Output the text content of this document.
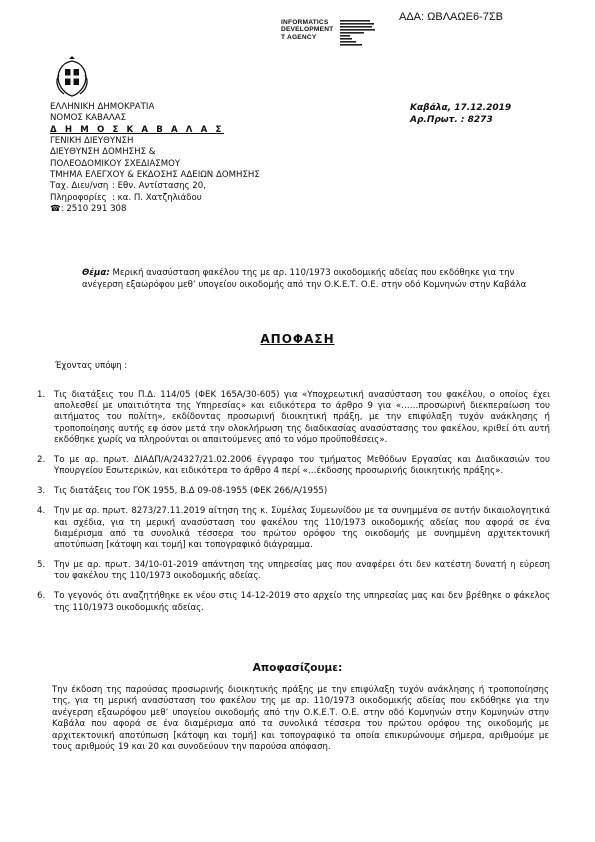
ΑΔΑ: ΩΒΛΑΩΕ6-7ΣΒ
INFORMATICS
DEVELOPMENT
T AGENCY
ΕΛΛΗΝΙΚΗ ΔΗΜΟΚΡΑΤΙΑ
ΝΟΜΟΣ ΚΑΒΑΛΑΣ
Δ Η Μ Ο Σ Κ Α Β Α Λ Α Σ
ΓΕΝΙΚΗ ΔΙΕΥΘΥΝΣΗ
ΔΙΕΥΘΥΝΣΗ ΔΟΜΗΣΗΣ &
ΠΟΛΕΟΔΟΜΙΚΟΥ ΣΧΕΔΙΑΣΜΟΥ
ΤΜΗΜΑ ΕΛΕΓΧΟΥ & ΕΚΔΟΣΗΣ ΑΔΕΙΩΝ ΔΟΜΗΣΗΣ
Ταχ. Διευ/νση : Εθν. Αντίστασης 20,
Πληροφορίες : κα. Π. Χατζηλιάδου
☎: 2510 291 308
Καβάλα, 17.12.2019
Αρ.Πρωτ. : 8273
Θέμα: Μερική ανασύσταση φακέλου της με αρ. 110/1973 οικοδομικής αδείας που εκδόθηκε για την ανέγερση εξαωρόφου μεθ’ υπογείου οικοδομής από την Ο.Κ.Ε.Τ. Ο.Ε. στην οδό Κομνηνών στην Καβάλα
ΑΠΟΦΑΣΗ
Έχοντας υπόψη :
1.	Τις διατάξεις του Π.Δ. 114/05 (ΦΕΚ 165Α/30-605) για «Υποχρεωτική ανασύσταση του φακέλου, ο οποίος έχει απολεσθεί με υπαιτιότητα της Υπηρεσίας» και ειδικότερα το άρθρο 9 για «……προσωρινή διεκπεραίωση του αιτήματος του πολίτη», εκδίδοντας προσωρινή διοικητική πράξη, με την επιφύλαξη τυχόν ανάκλησης ή τροποποίησης αυτής εφ όσον μετά την ολοκλήρωση της διαδικασίας ανασύστασης του φακέλου, κριθεί ότι αυτή εκδόθηκε χωρίς να πληρούνται οι απαιτούμενες από το νόμο προϋποθέσεις».
2.	Το με αρ. πρωτ. ΔΙΑΔΠ/Α/24327/21.02.2006 έγγραφο του τμήματος Μεθόδων Εργασίας και Διαδικασιών του Υπουργείου Εσωτερικών, και ειδικότερα το άρθρο 4 περί «…έκδοσης προσωρινής διοικητικής πράξης».
3.	Τις διατάξεις του ΓΟΚ 1955, Β.Δ 09-08-1955 (ΦΕΚ 266/Α/1955)
4.	Την με αρ. πρωτ. 8273/27.11.2019 αίτηση της κ. Συμέλας Συμεωνίδου με τα συνημμένα σε αυτήν δικαιολογητικά και σχέδια, για τη μερική ανασύσταση του φακέλου της 110/1973 οικοδομικής αδείας που αφορά σε ένα διαμέρισμα από τα συνολικά τέσσερα του πρώτου ορόφου της οικοδομής με συνημμένη αρχιτεκτονική αποτύπωση [κάτοψη και τομή] και τοπογραφικό διάγραμμα.
5.	Την με αρ. πρωτ. 34/10-01-2019 απάντηση της υπηρεσίας μας που αναφέρει ότι δεν κατέστη δυνατή η εύρεση του φακέλου της 110/1973 οικοδομικής αδείας.
6.	Το γεγονός ότι αναζητήθηκε εκ νέου στις 14-12-2019 στο αρχείο της υπηρεσίας μας και δεν βρέθηκε ο φάκελος της 110/1973 οικοδομικής αδείας.
Αποφασίζουμε:
Την έκδοση της παρούσας προσωρινής διοικητικής πράξης με την επιφύλαξη τυχόν ανάκλησης ή τροποποίησης της, για τη μερική ανασύσταση του φακέλου της με αρ. 110/1973 οικοδομικής αδείας που εκδόθηκε για την ανέγερση εξαωρόφου μεθ’ υπογείου οικοδομής από την Ο.Κ.Ε.Τ. Ο.Ε. στην οδό Κομνηνών στην Κομνηνών στην Καβάλα που αφορά σε ένα διαμέρισμα από τα συνολικά τέσσερα του πρώτου ορόφου της οικοδομής με αρχιτεκτονική αποτύπωση [κάτοψη και τομή] και τοπογραφικό τα οποία επικυρώνουμε σήμερα, αριθμούμε με τους αριθμούς 19 και 20 και συνοδεύουν την παρούσα απόφαση.
